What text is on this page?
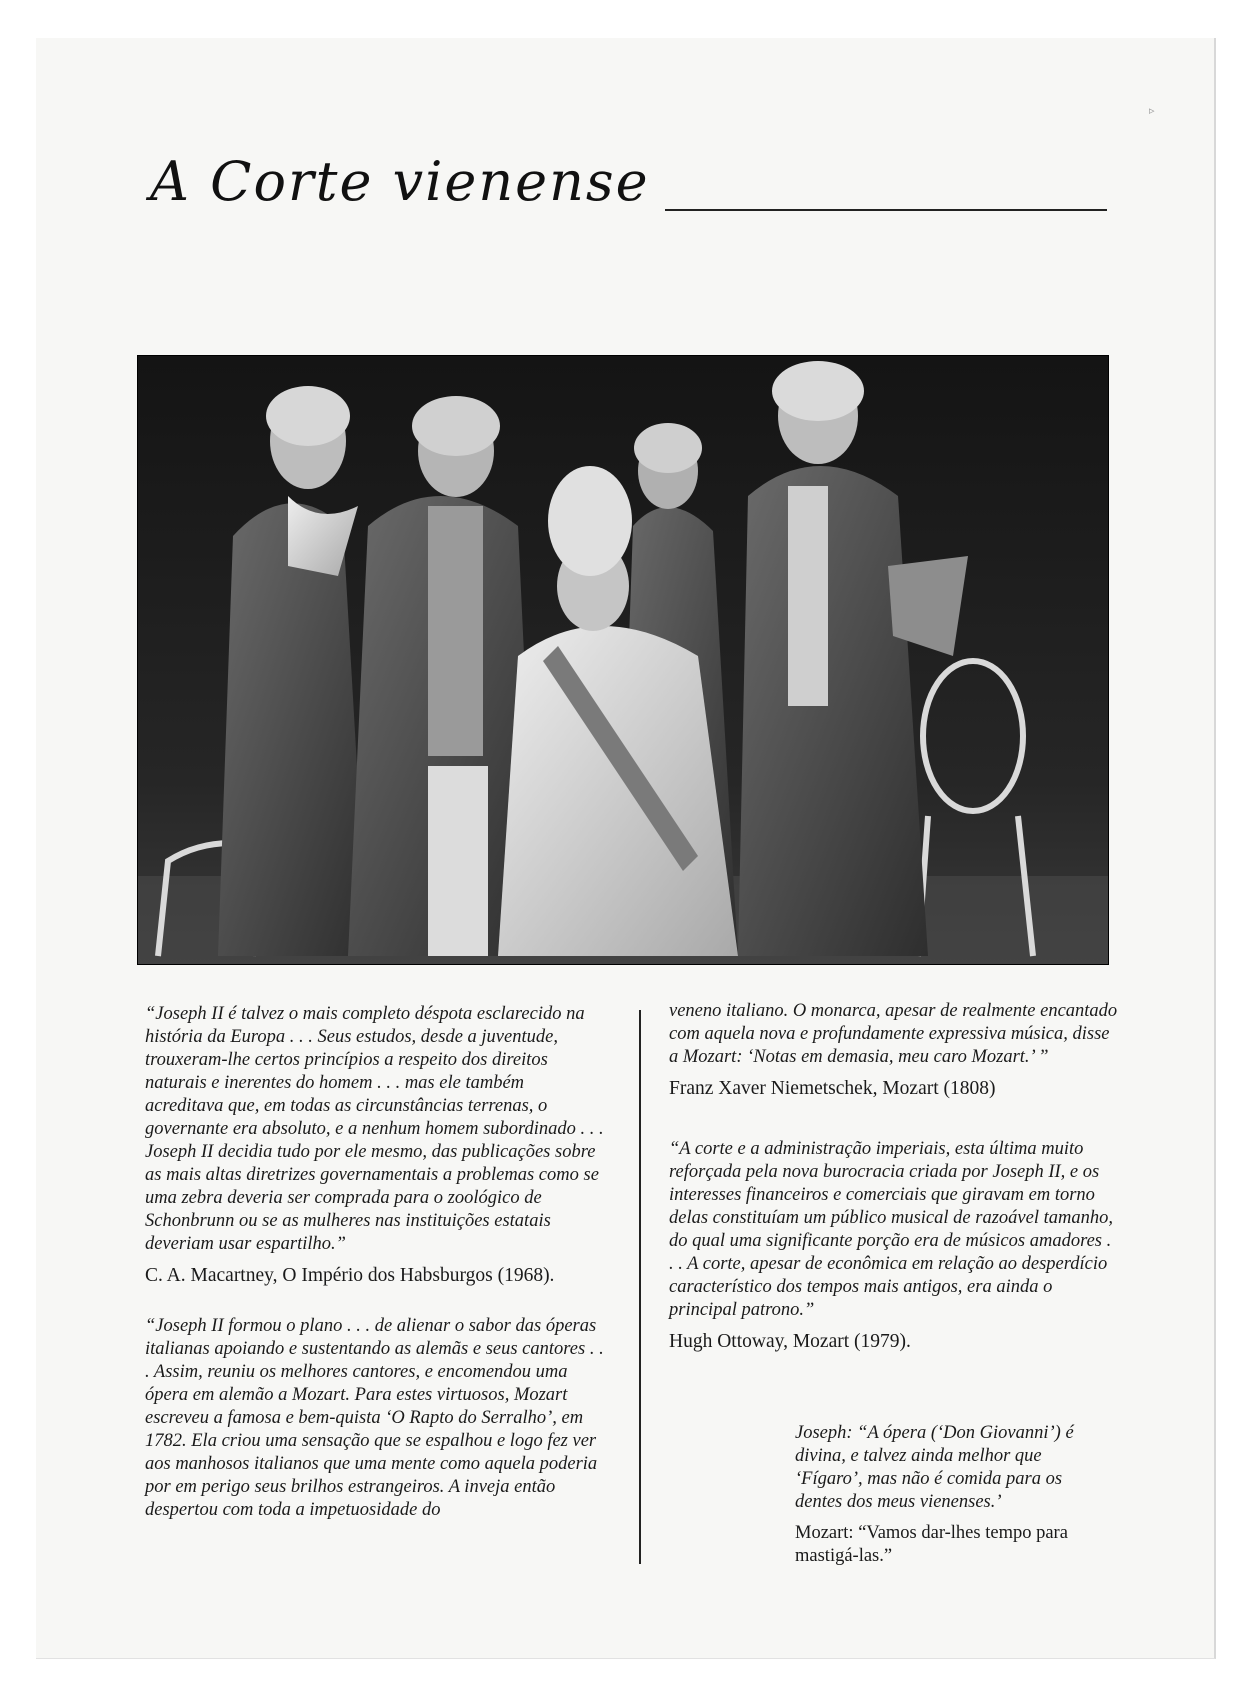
▹
A Corte vienense

“Joseph II é talvez o mais completo déspota esclarecido na história da Europa . . . Seus estudos, desde a juventude, trouxeram-lhe certos princípios a respeito dos direitos naturais e inerentes do homem . . . mas ele também acreditava que, em todas as circunstâncias terrenas, o governante era absoluto, e a nenhum homem subordinado . . . Joseph II decidia tudo por ele mesmo, das publicações sobre as mais altas diretrizes governamentais a problemas como se uma zebra deveria ser comprada para o zoológico de Schonbrunn ou se as mulheres nas instituições estatais deveriam usar espartilho.”

C. A. Macartney, O Império dos Habsburgos (1968).

“Joseph II formou o plano . . . de alienar o sabor das óperas italianas apoiando e sustentando as alemãs e seus cantores . . . Assim, reuniu os melhores cantores, e encomendou uma ópera em alemão a Mozart. Para estes virtuosos, Mozart escreveu a famosa e bem-quista ‘O Rapto do Serralho’, em 1782. Ela criou uma sensação que se espalhou e logo fez ver aos manhosos italianos que uma mente como aquela poderia por em perigo seus brilhos estrangeiros. A inveja então despertou com toda a impetuosidade do

veneno italiano. O monarca, apesar de realmente encantado com aquela nova e profundamente expressiva música, disse a Mozart: ‘Notas em demasia, meu caro Mozart.’ ”

Franz Xaver Niemetschek, Mozart (1808)

“A corte e a administração imperiais, esta última muito reforçada pela nova burocracia criada por Joseph II, e os interesses financeiros e comerciais que giravam em torno delas constituíam um público musical de razoável tamanho, do qual uma significante porção era de músicos amadores . . . A corte, apesar de econômica em relação ao desperdício característico dos tempos mais antigos, era ainda o principal patrono.”

Hugh Ottoway, Mozart (1979).

Joseph: “A ópera (‘Don Giovanni’) é divina, e talvez ainda melhor que ‘Fígaro’, mas não é comida para os dentes dos meus vienenses.’

Mozart: “Vamos dar-lhes tempo para mastigá-las.”
